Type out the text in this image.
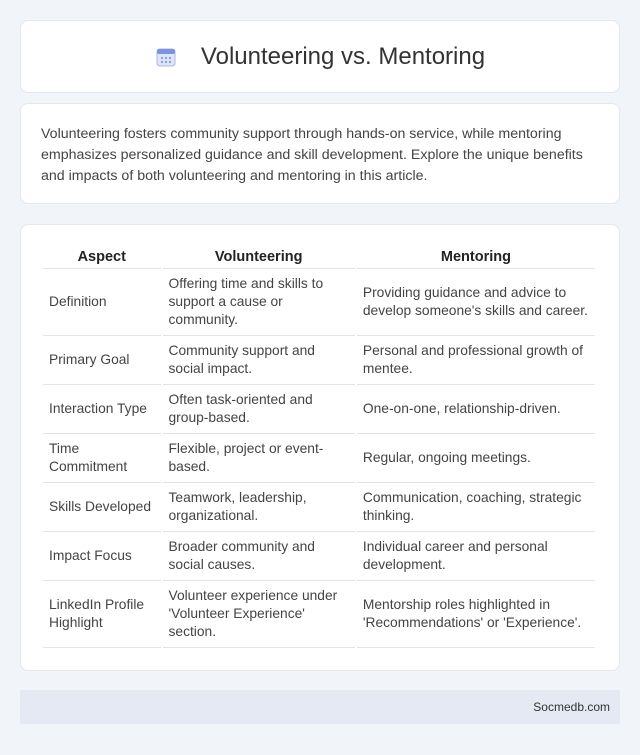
Volunteering vs. Mentoring

Volunteering fosters community support through hands-on service, while mentoring emphasizes personalized guidance and skill development. Explore the unique benefits and impacts of both volunteering and mentoring in this article.

Aspect	Volunteering	Mentoring
Definition	Offering time and skills to support a cause or community.	Providing guidance and advice to develop someone's skills and career.
Primary Goal	Community support and social impact.	Personal and professional growth of mentee.
Interaction Type	Often task-oriented and group-based.	One-on-one, relationship-driven.
Time Commitment	Flexible, project or event-based.	Regular, ongoing meetings.
Skills Developed	Teamwork, leadership, organizational.	Communication, coaching, strategic thinking.
Impact Focus	Broader community and social causes.	Individual career and personal development.
LinkedIn Profile Highlight	Volunteer experience under 'Volunteer Experience' section.	Mentorship roles highlighted in 'Recommendations' or 'Experience'.
Socmedb.com
